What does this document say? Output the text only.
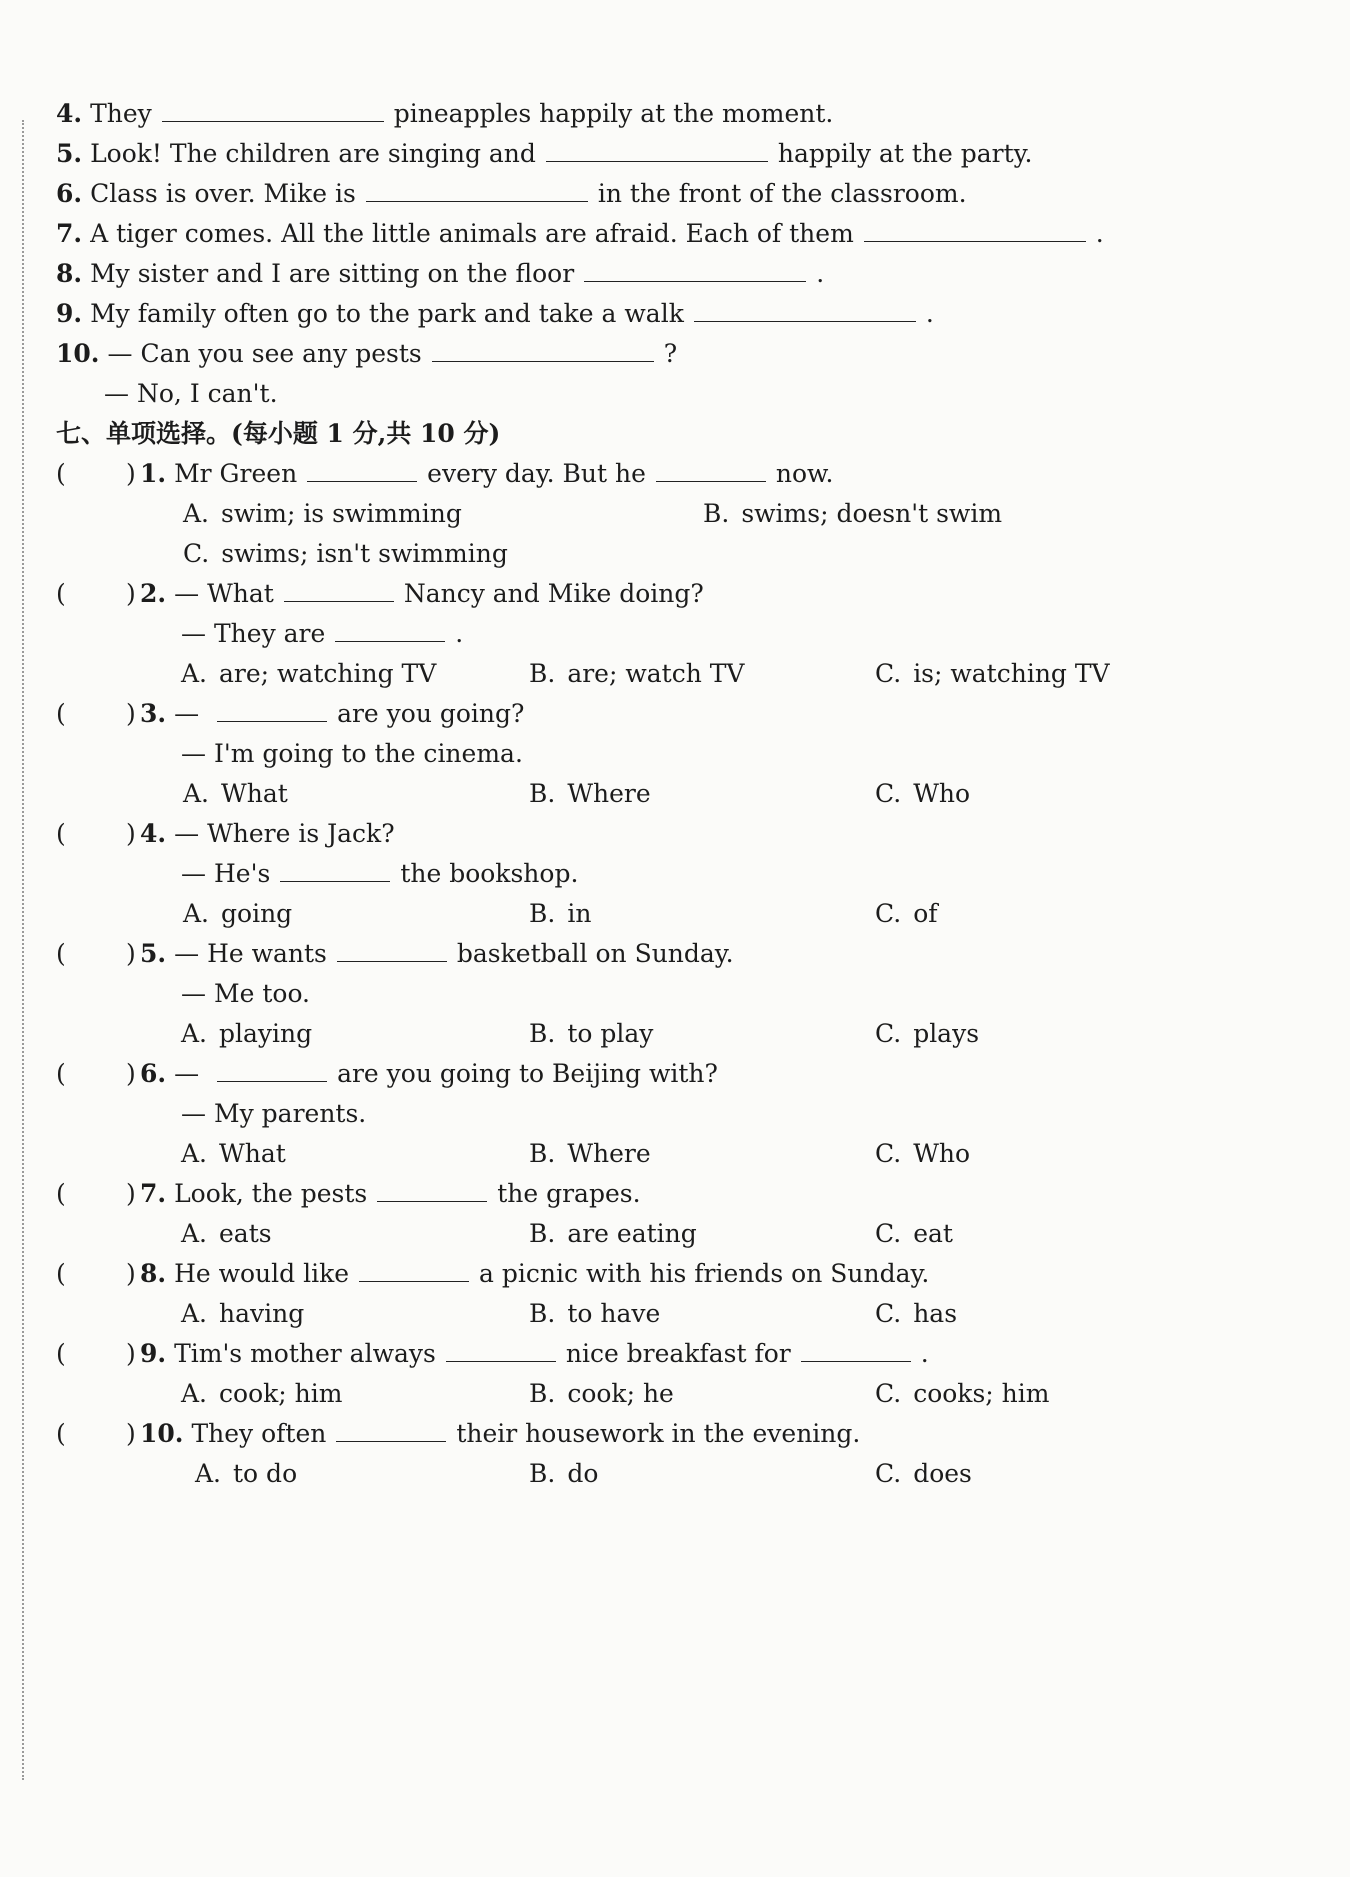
4. They	pineapples happily at the moment.
5. Look! The children are singing and	happily at the party.
6. Class is over. Mike is	in the front of the classroom.
7. A tiger comes. All the little animals are afraid. Each of them	.
8. My sister and I are sitting on the floor	.
9. My family often go to the park and take a walk	.
10. — Can you see any pests	?
— No, I can't.
七、单项选择。(每小题 1 分,共 10 分)
( ) 1. Mr Green	every day. But he	now.
A. swim; is swimming	B. swims; doesn't swim
C. swims; isn't swimming
( ) 2. — What	Nancy and Mike doing?
— They are	.
A. are; watching TV	B. are; watch TV	C. is; watching TV
( ) 3. —	are you going?
— I'm going to the cinema.
A. What	B. Where	C. Who
( ) 4. — Where is Jack?
— He's	the bookshop.
A. going	B. in	C. of
( ) 5. — He wants	basketball on Sunday.
— Me too.
A. playing	B. to play	C. plays
( ) 6. —	are you going to Beijing with?
— My parents.
A. What	B. Where	C. Who
( ) 7. Look, the pests	the grapes.
A. eats	B. are eating	C. eat
( ) 8. He would like	a picnic with his friends on Sunday.
A. having	B. to have	C. has
( ) 9. Tim's mother always	nice breakfast for	.
A. cook; him	B. cook; he	C. cooks; him
( ) 10. They often	their housework in the evening.
A. to do	B. do	C. does
